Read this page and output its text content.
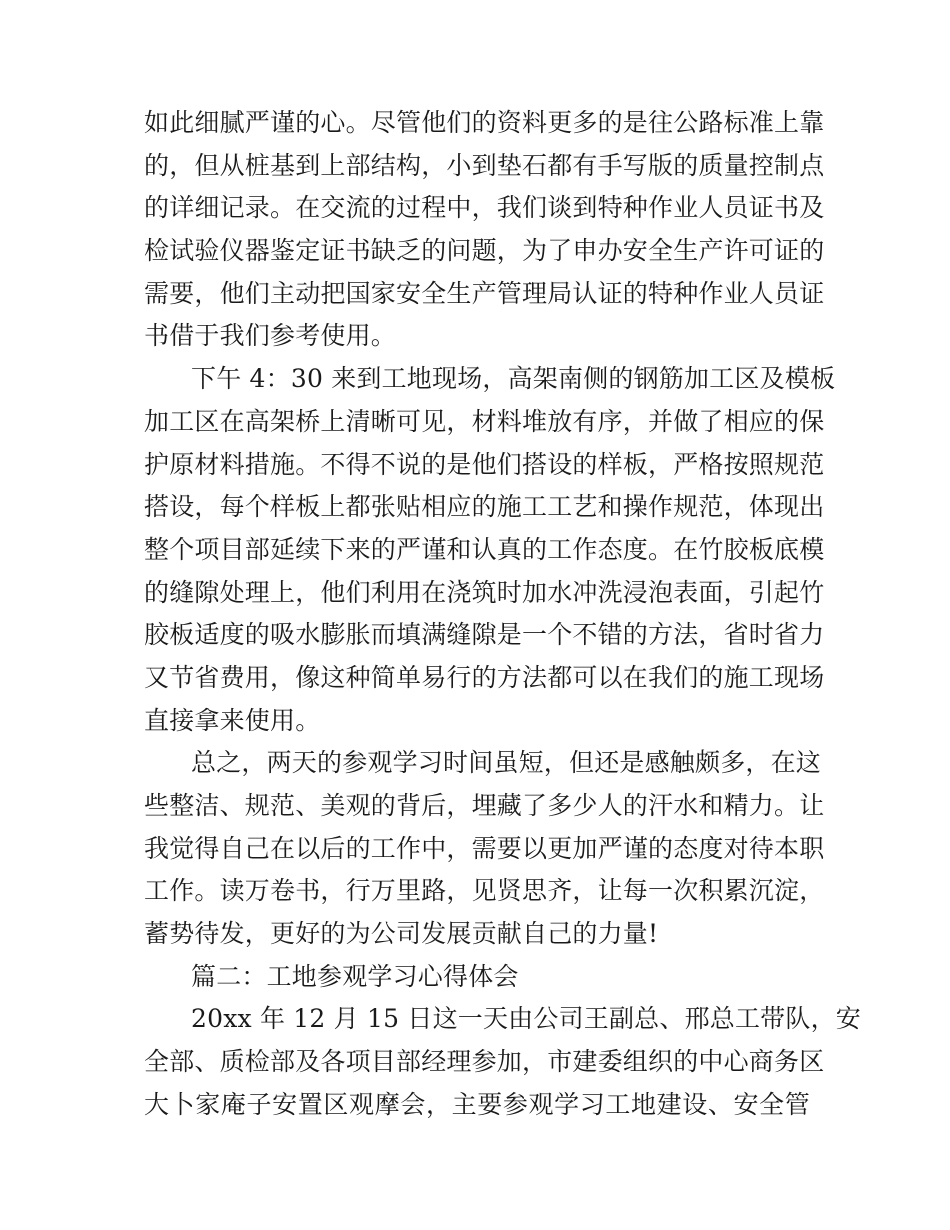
如此细腻严谨的心。尽管他们的资料更多的是往公路标准上靠
的，但从桩基到上部结构，小到垫石都有手写版的质量控制点
的详细记录。在交流的过程中，我们谈到特种作业人员证书及
检试验仪器鉴定证书缺乏的问题，为了申办安全生产许可证的
需要，他们主动把国家安全生产管理局认证的特种作业人员证
书借于我们参考使用。
下午 4：30 来到工地现场，高架南侧的钢筋加工区及模板
加工区在高架桥上清晰可见，材料堆放有序，并做了相应的保
护原材料措施。不得不说的是他们搭设的样板，严格按照规范
搭设，每个样板上都张贴相应的施工工艺和操作规范，体现出
整个项目部延续下来的严谨和认真的工作态度。在竹胶板底模
的缝隙处理上，他们利用在浇筑时加水冲洗浸泡表面，引起竹
胶板适度的吸水膨胀而填满缝隙是一个不错的方法，省时省力
又节省费用，像这种简单易行的方法都可以在我们的施工现场
直接拿来使用。
总之，两天的参观学习时间虽短，但还是感触颇多，在这
些整洁、规范、美观的背后，埋藏了多少人的汗水和精力。让
我觉得自己在以后的工作中，需要以更加严谨的态度对待本职
工作。读万卷书，行万里路，见贤思齐，让每一次积累沉淀，
蓄势待发，更好的为公司发展贡献自己的力量!
篇二：工地参观学习心得体会
20xx 年 12 月 15 日这一天由公司王副总、邢总工带队，安
全部、质检部及各项目部经理参加，市建委组织的中心商务区
大卜家庵子安置区观摩会，主要参观学习工地建设、安全管
